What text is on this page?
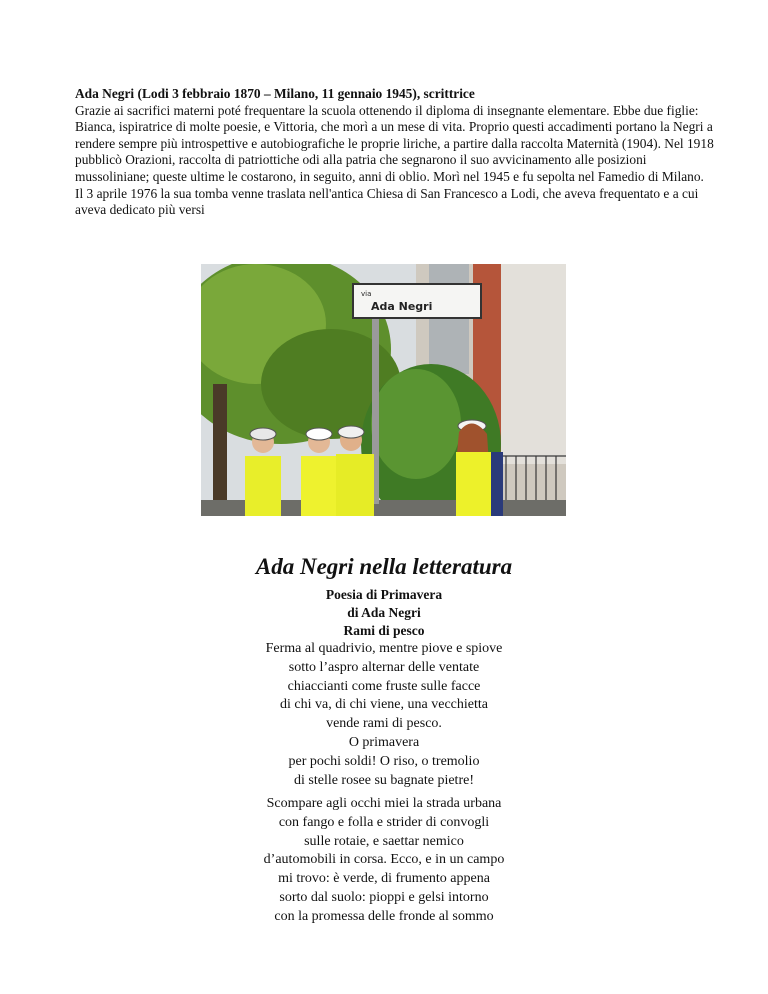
Ada Negri (Lodi 3 febbraio 1870 – Milano, 11 gennaio 1945), scrittrice
Grazie ai sacrifici materni poté frequentare la scuola ottenendo il diploma di insegnante elementare. Ebbe due figlie: Bianca, ispiratrice di molte poesie, e Vittoria, che morì a un mese di vita. Proprio questi accadimenti portano la Negri a rendere sempre più introspettive e autobiografiche le proprie liriche, a partire dalla raccolta Maternità (1904). Nel 1918 pubblicò Orazioni, raccolta di patriottiche odi alla patria che segnarono il suo avvicinamento alle posizioni mussoliniane; queste ultime le costarono, in seguito, anni di oblio. Morì nel 1945 e fu sepolta nel Famedio di Milano. Il 3 aprile 1976 la sua tomba venne traslata nell'antica Chiesa di San Francesco a Lodi, che aveva frequentato e a cui aveva dedicato più versi
via
Ada Negri
Ada Negri nella letteratura
Poesia di Primavera
di Ada Negri
Rami di pesco
Ferma al quadrivio, mentre piove e spiove
sotto l’aspro alternar delle ventate
chiaccianti come fruste sulle facce
di chi va, di chi viene, una vecchietta
vende rami di pesco.
O primavera
per pochi soldi! O riso, o tremolio
di stelle rosee su bagnate pietre!
Scompare agli occhi miei la strada urbana
con fango e folla e strider di convogli
sulle rotaie, e saettar nemico
d’automobili in corsa. Ecco, e in un campo
mi trovo: è verde, di frumento appena
sorto dal suolo: pioppi e gelsi intorno
con la promessa delle fronde al sommo
